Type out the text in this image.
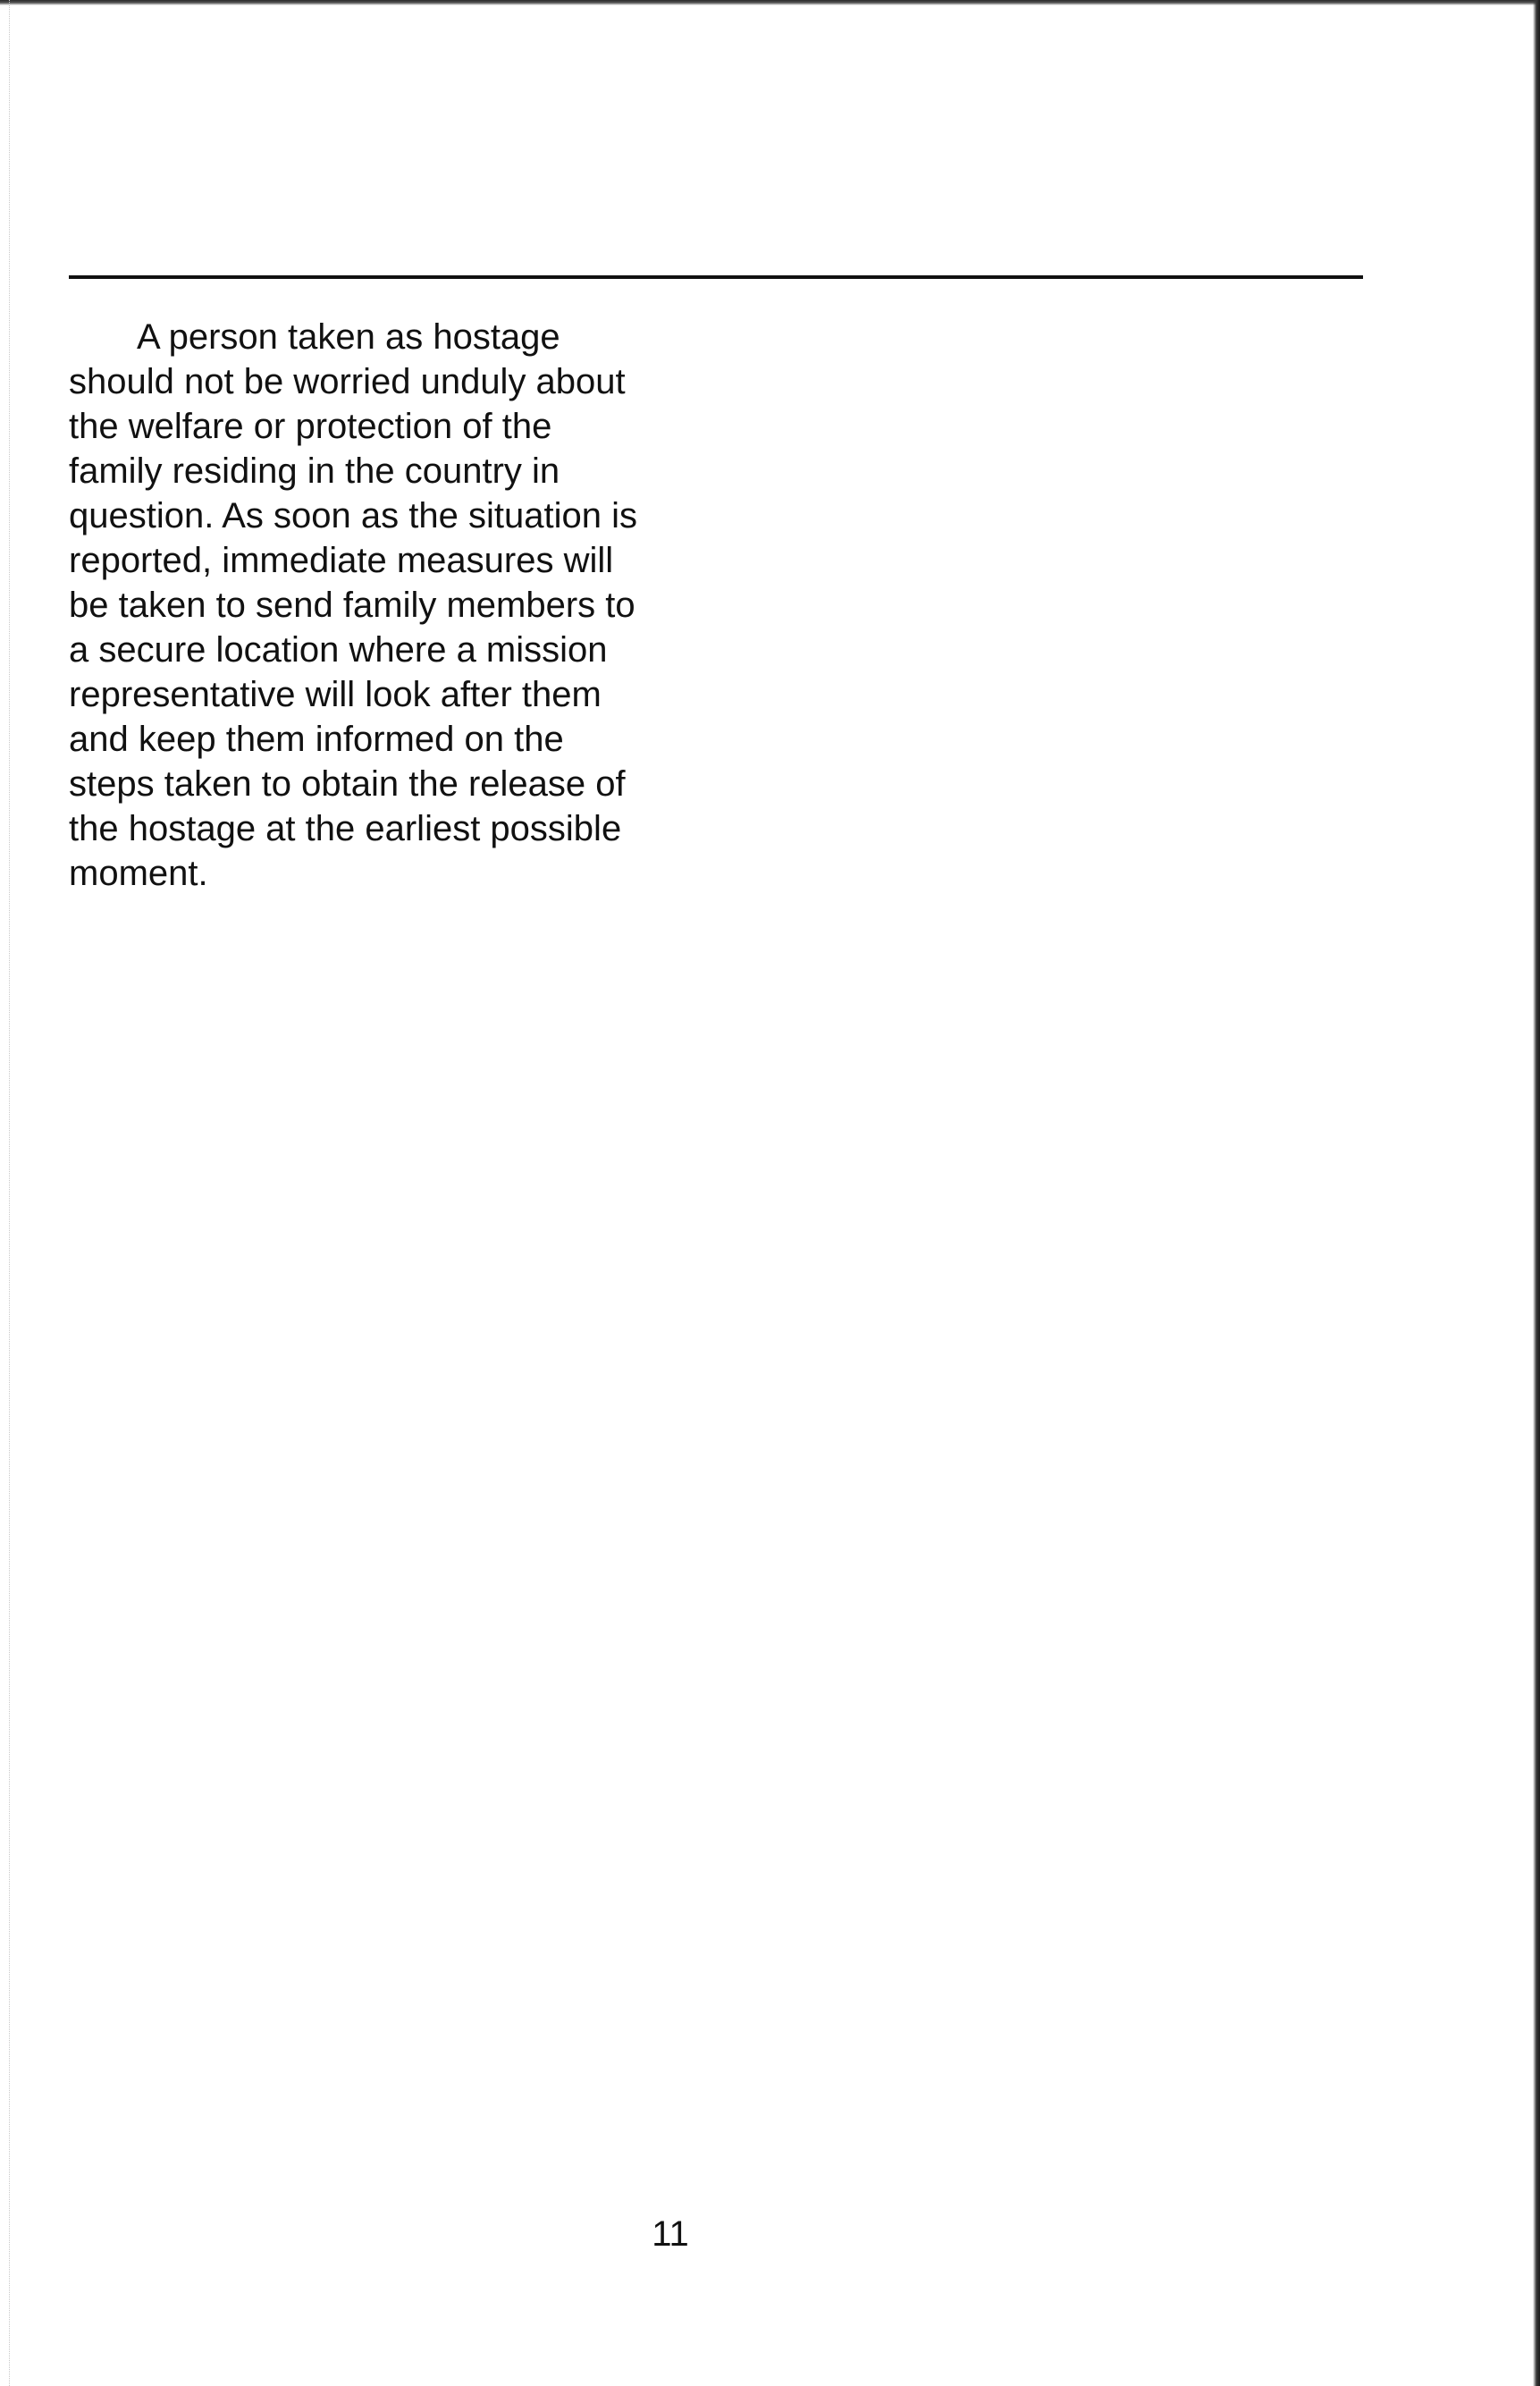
A person taken as hostage
should not be worried unduly about
the welfare or protection of the
family residing in the country in
question. As soon as the situation is
reported, immediate measures will
be taken to send family members to
a secure location where a mission
representative will look after them
and keep them informed on the
steps taken to obtain the release of
the hostage at the earliest possible
moment.

11
